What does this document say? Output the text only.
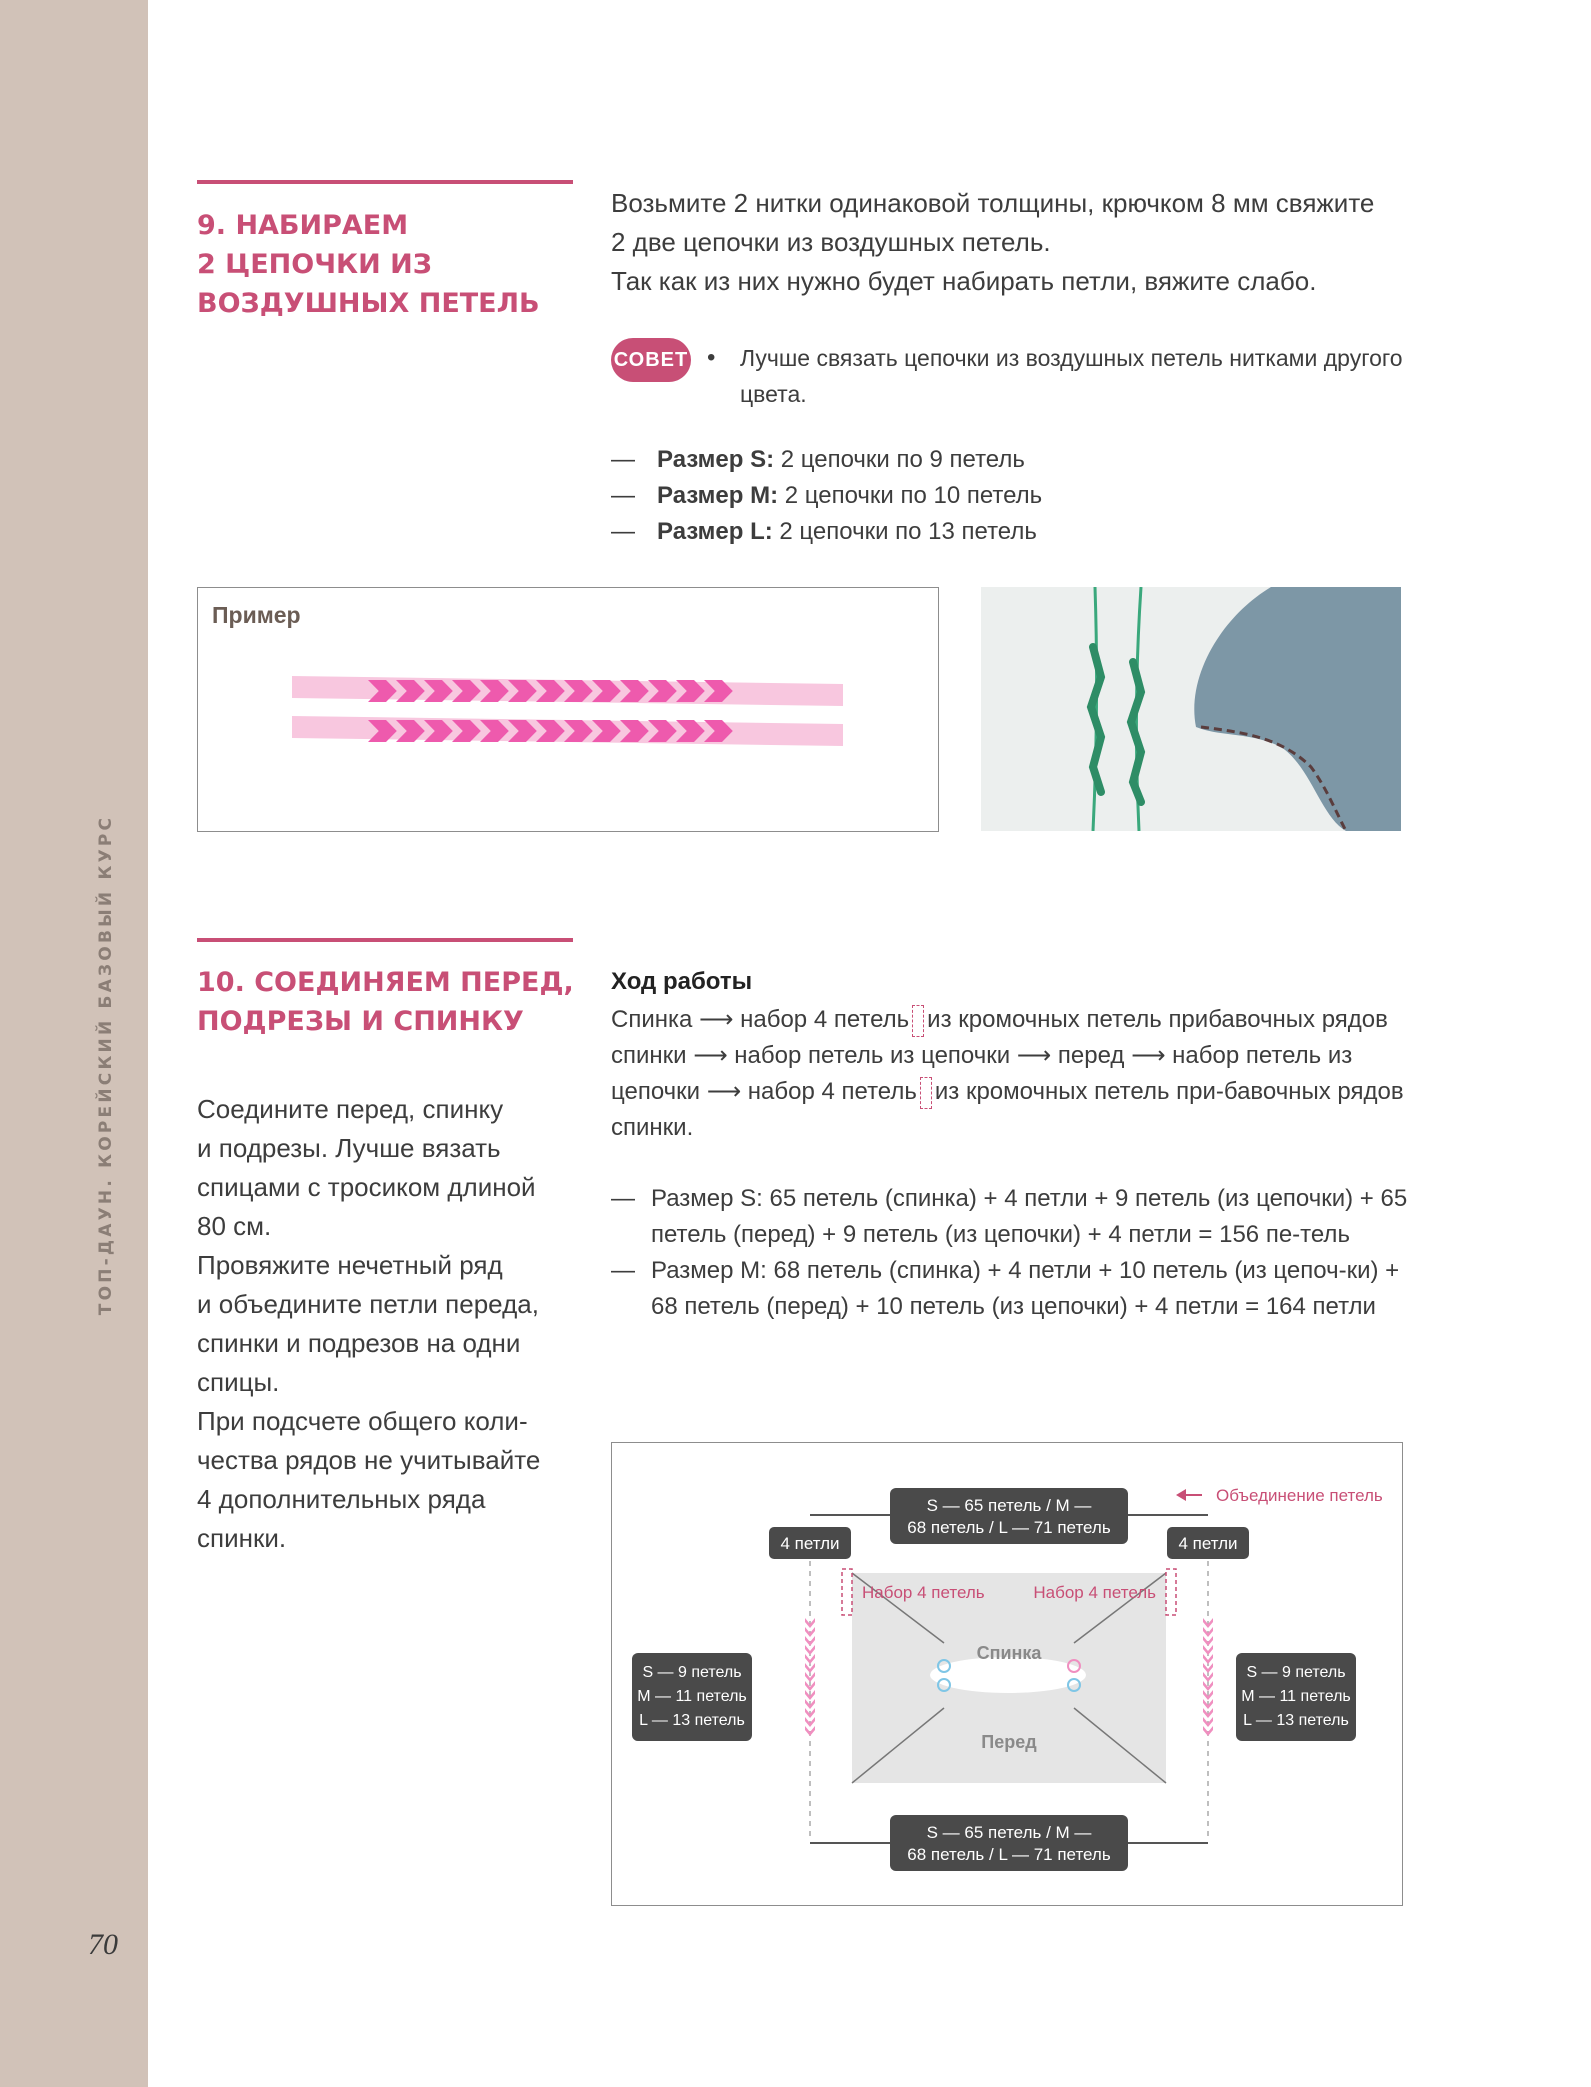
ТОП-ДАУН. КОРЕЙСКИЙ БАЗОВЫЙ КУРС
70
9. НАБИРАЕМ
2 ЦЕПОЧКИ ИЗ
ВОЗДУШНЫХ ПЕТЕЛЬ
Возьмите 2 нитки одинаковой толщины, крючком 8 мм свяжите
2 две цепочки из воздушных петель.
Так как из них нужно будет набирать петли, вяжите слабо.
СОВЕТ • Лучше связать цепочки из воздушных петель нитками другого цвета.
— Размер S: 2 цепочки по 9 петель
— Размер M: 2 цепочки по 10 петель
— Размер L: 2 цепочки по 13 петель
Пример
10. СОЕДИНЯЕМ ПЕРЕД,
ПОДРЕЗЫ И СПИНКУ
Соедините перед, спинку
и подрезы. Лучше вязать
спицами с тросиком длиной
80 см.
Провяжите нечетный ряд
и объедините петли переда,
спинки и подрезов на одни
спицы.
При подсчете общего коли-
чества рядов не учитывайте
4 дополнительных ряда
спинки.
Ход работы
Спинка ⟶ набор 4 петель из кромочных петель прибавочных рядов спинки ⟶ набор петель из цепочки ⟶ перед ⟶ набор петель из цепочки ⟶ набор 4 петель из кромочных петель при-бавочных рядов спинки.
— Размер S: 65 петель (спинка) + 4 петли + 9 петель (из цепочки) + 65 петель (перед) + 9 петель (из цепочки) + 4 петли = 156 пе-тель
— Размер M: 68 петель (спинка) + 4 петли + 10 петель (из цепоч-ки) + 68 петель (перед) + 10 петель (из цепочки) + 4 петли = 164 петли
S — 65 петель / M —
68 петель / L — 71 петель
S — 65 петель / M —
68 петель / L — 71 петель
4 петли	4 петли
Объединение петель
Набор 4 петель	Набор 4 петель
Спинка
Перед
S — 9 петель
M — 11 петель
L — 13 петель
S — 9 петель
M — 11 петель
L — 13 петель
